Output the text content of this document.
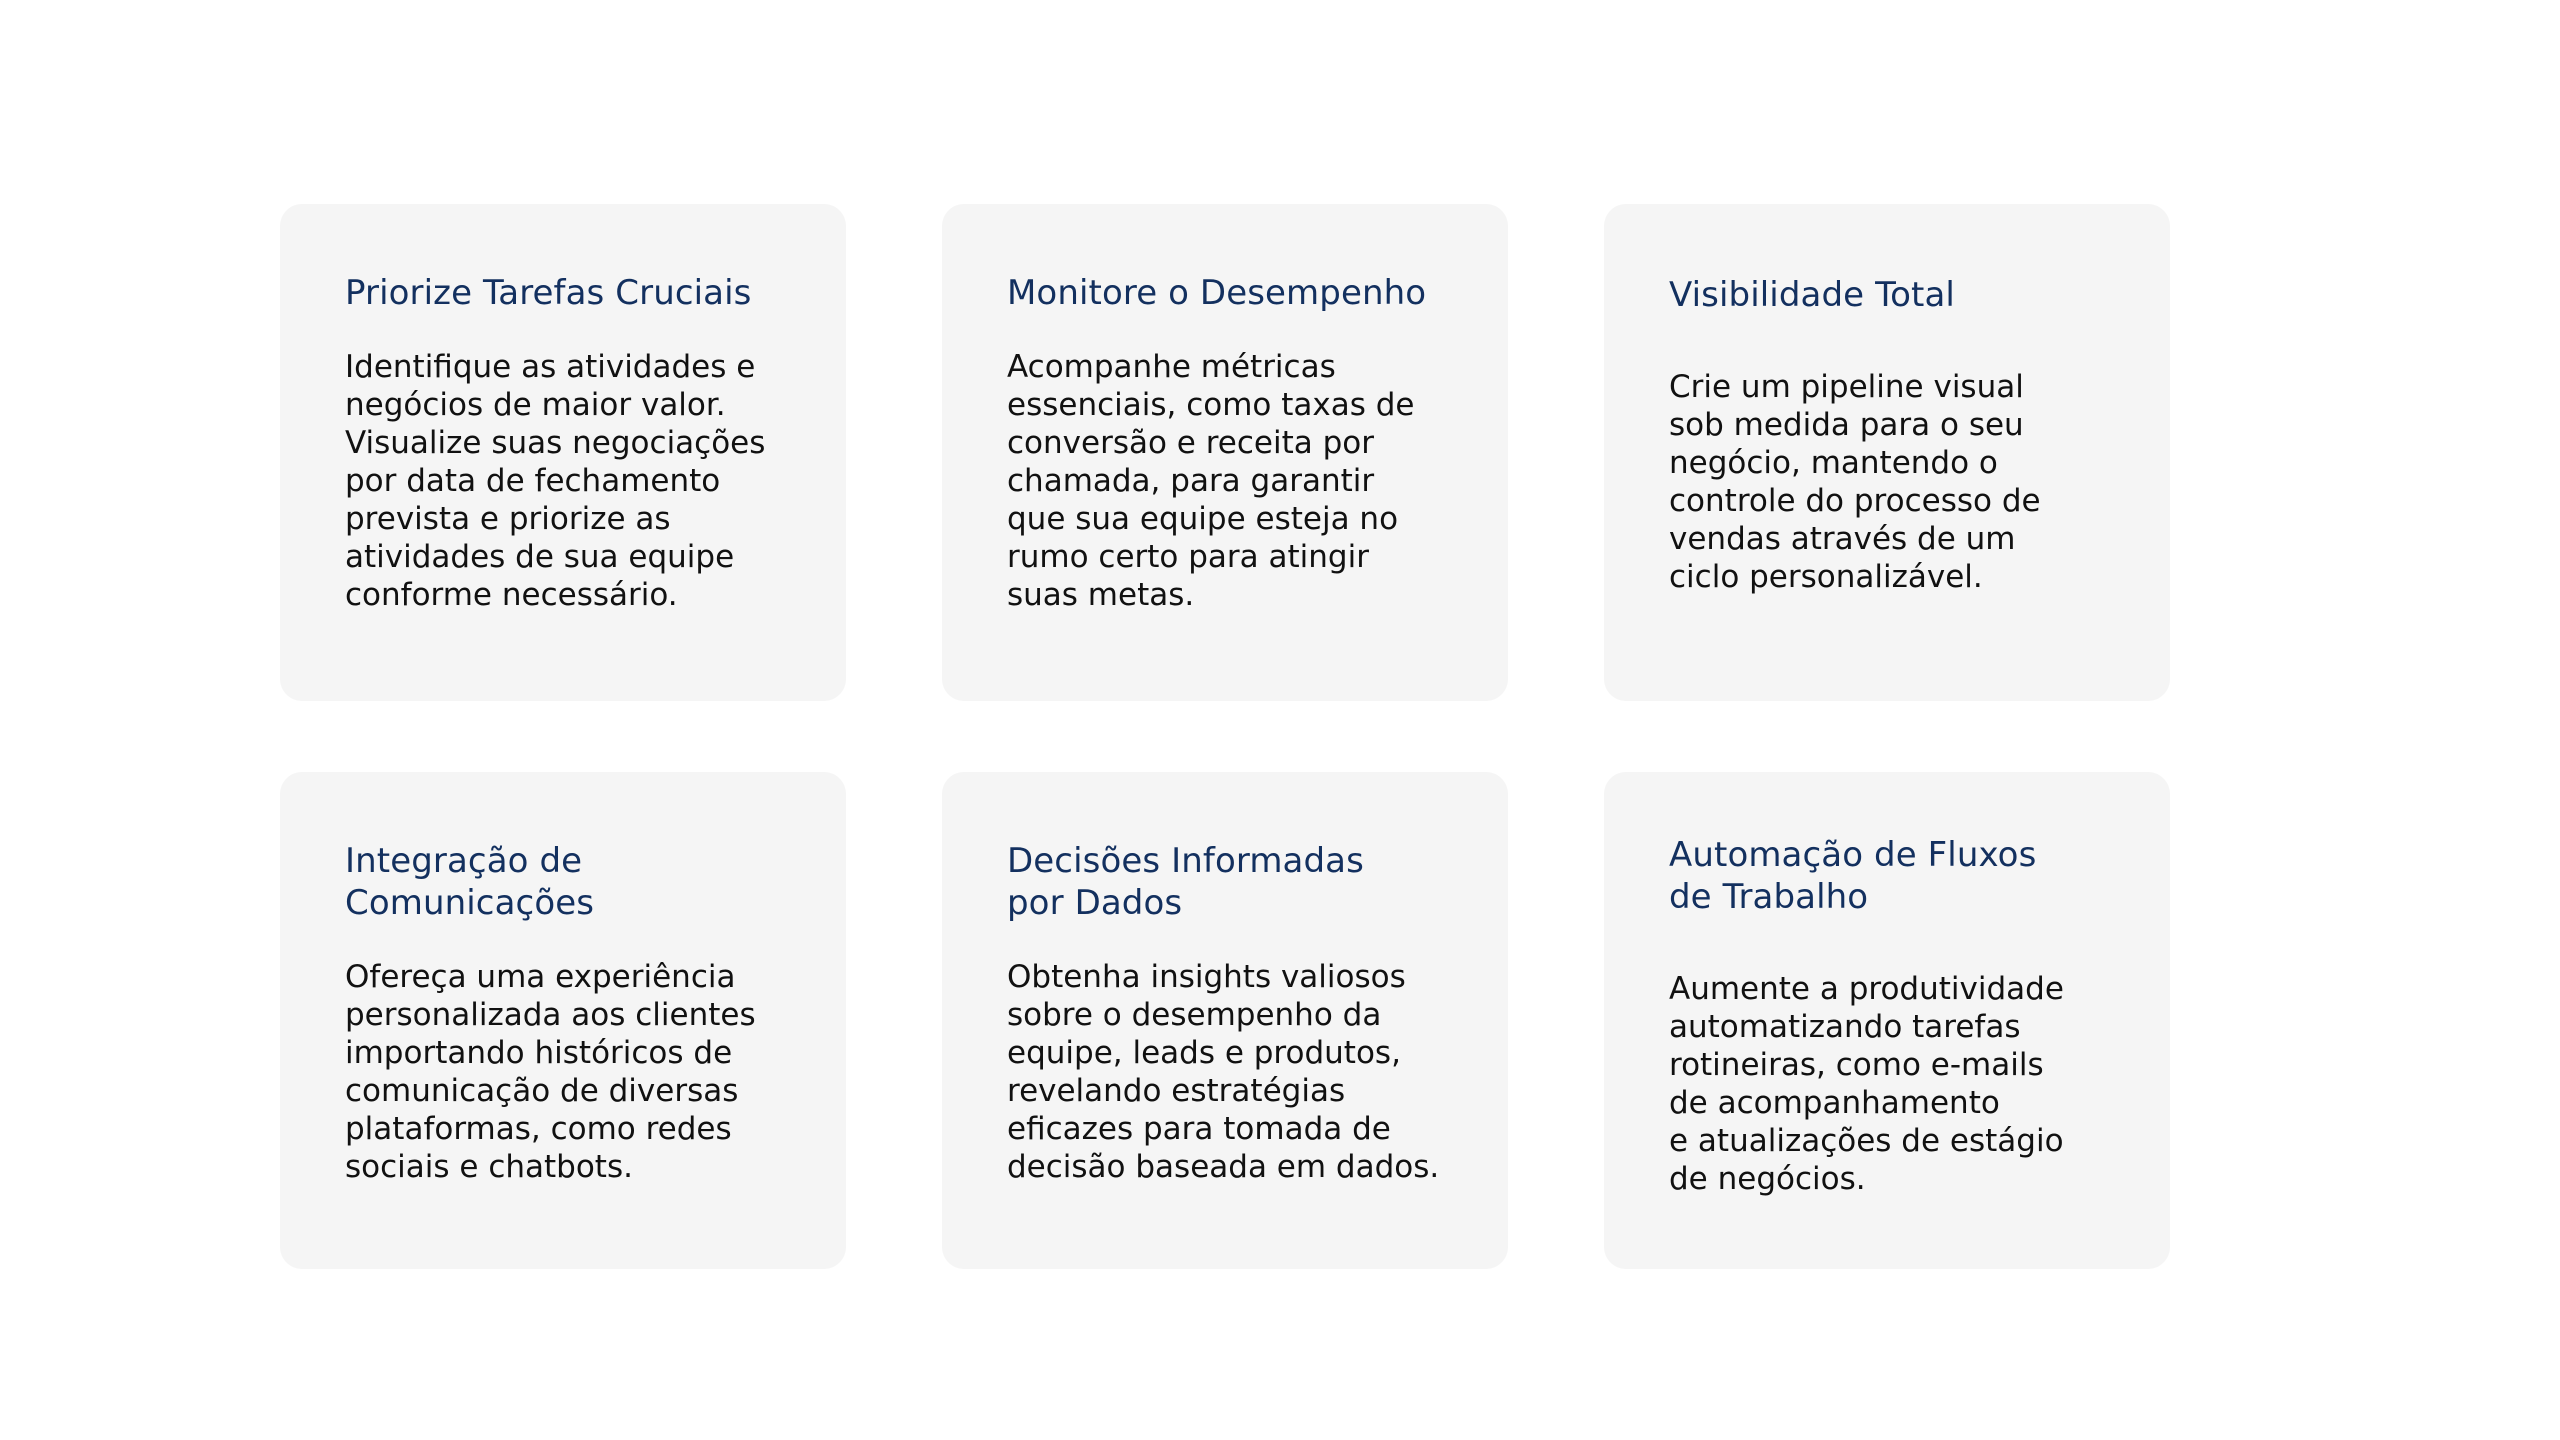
Priorize Tarefas Cruciais

Identifique as atividades e
negócios de maior valor.
Visualize suas negociações
por data de fechamento
prevista e priorize as
atividades de sua equipe
conforme necessário.

Monitore o Desempenho

Acompanhe métricas
essenciais, como taxas de
conversão e receita por
chamada, para garantir
que sua equipe esteja no
rumo certo para atingir
suas metas.

Visibilidade Total

Crie um pipeline visual
sob medida para o seu
negócio, mantendo o
controle do processo de
vendas através de um
ciclo personalizável.

Integração de
Comunicações

Ofereça uma experiência
personalizada aos clientes
importando históricos de
comunicação de diversas
plataformas, como redes
sociais e chatbots.

Decisões Informadas
por Dados

Obtenha insights valiosos
sobre o desempenho da
equipe, leads e produtos,
revelando estratégias
eficazes para tomada de
decisão baseada em dados.

Automação de Fluxos
de Trabalho

Aumente a produtividade
automatizando tarefas
rotineiras, como e-mails
de acompanhamento
e atualizações de estágio
de negócios.
